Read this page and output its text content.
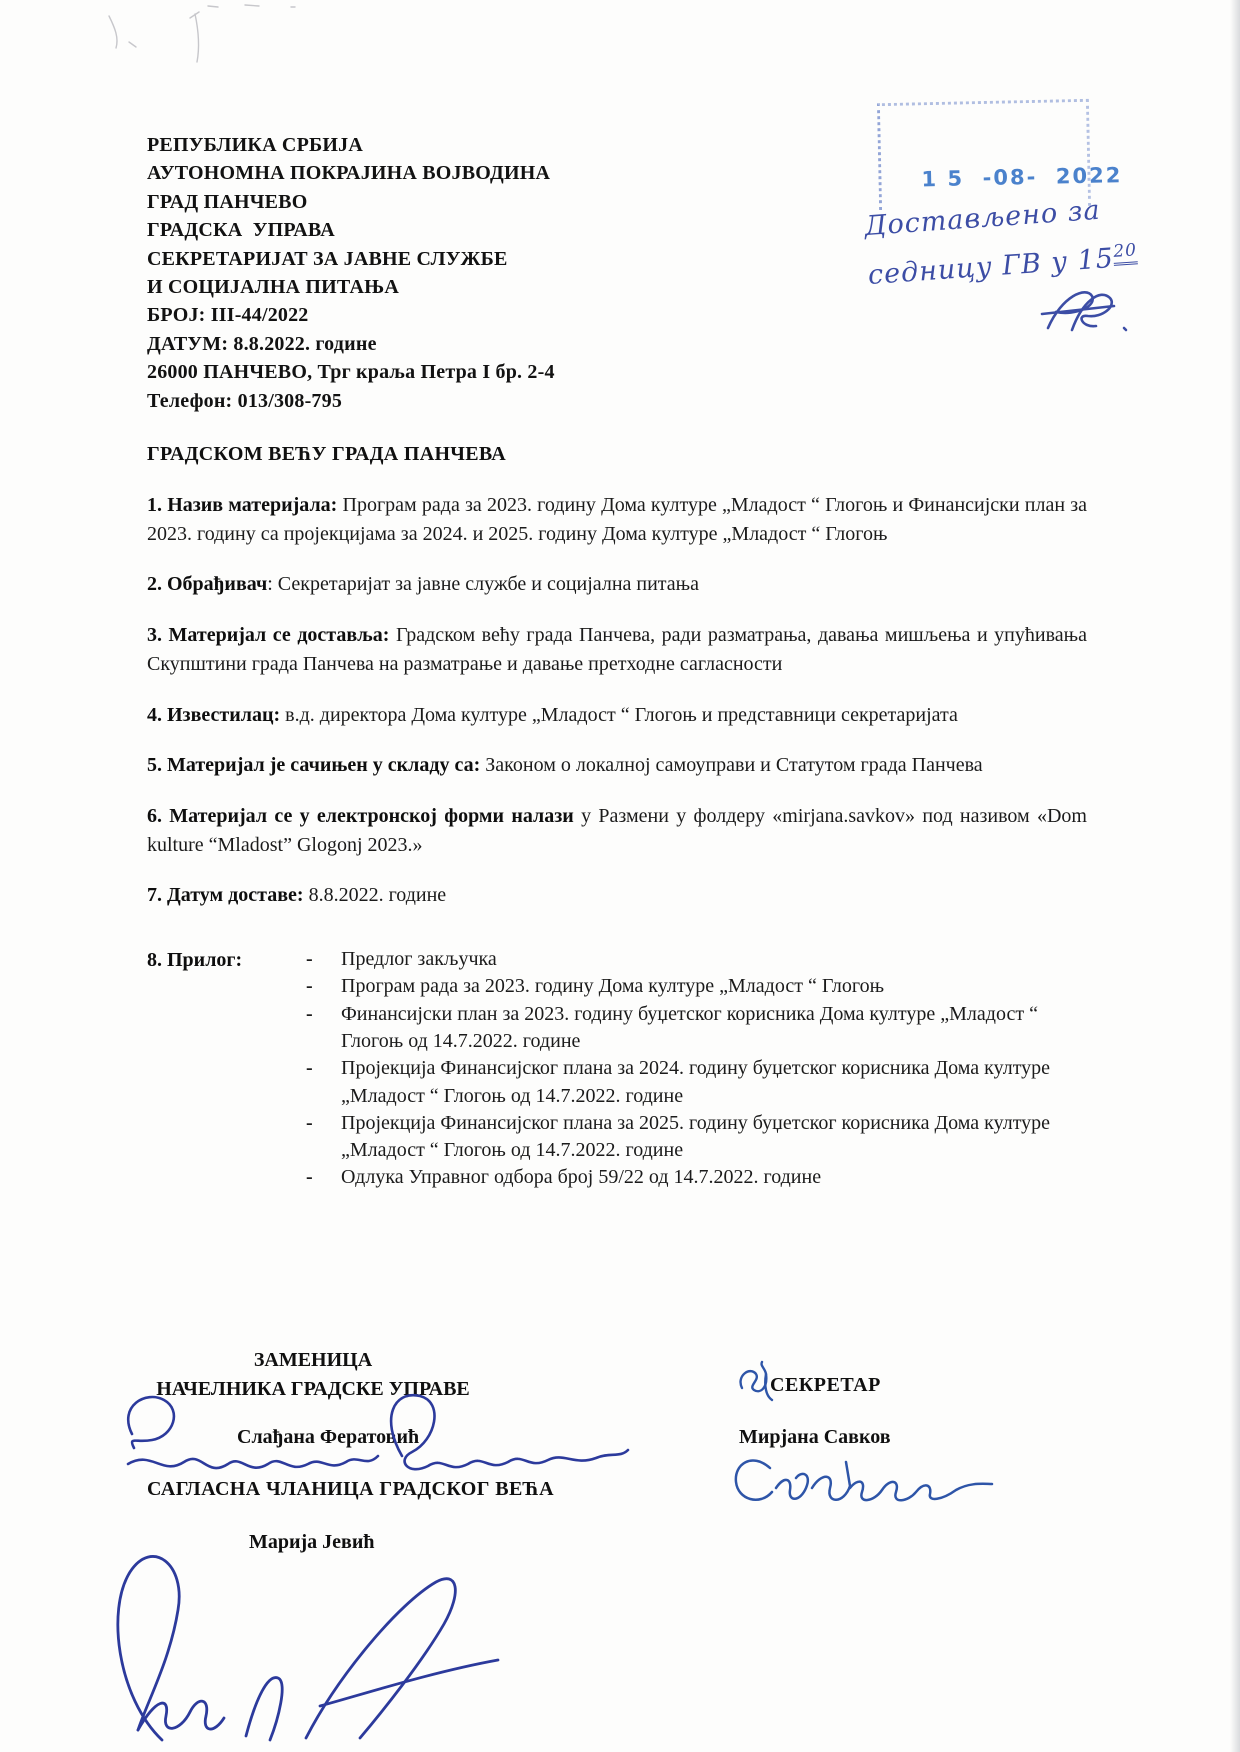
РЕПУБЛИКА СРБИЈА
АУТОНОМНА ПОКРАЈИНА ВОЈВОДИНА
ГРАД ПАНЧЕВО
ГРАДСКА  УПРАВА
СЕКРЕТАРИЈАТ ЗА ЈАВНЕ СЛУЖБЕ
И СОЦИЈАЛНА ПИТАЊА
БРОЈ: III-44/2022
ДАТУМ: 8.8.2022. године
26000 ПАНЧЕВО, Трг краља Петра I бр. 2-4
Телефон: 013/308-795
1 5  -08-  2022
Достављено за
седницу ГВ у $15^{20}$
ГРАДСКОМ ВЕЋУ ГРАДА ПАНЧЕВА

1. Назив материјала: Програм рада за 2023. годину Дома културе „Младост “ Глогоњ и Финансијски план за 2023. годину са пројекцијама за 2024. и 2025. годину Дома културе „Младост “ Глогоњ

2. Обрађивач: Секретаријат за јавне службе и социјална питања

3. Материјал се доставља: Градском већу града Панчева, ради разматрања, давања мишљења и упућивања Скупштини града Панчева на разматрање и давање претходне сагласности

4. Известилац: в.д. директора Дома културе „Младост “ Глогоњ и представници секретаријата

5. Материјал је сачињен у складу са: Законом о локалној самоуправи и Статутом града Панчева

6. Материјал се у електронској форми налази у Размени у фолдеру «mirjana.savkov» под називом «Dom kulture “Mladost” Glogonj 2023.»

7. Датум доставе: 8.8.2022. године

8. Прилог:	- Предлог закључка
- Програм рада за 2023. годину Дома културе „Младост “ Глогоњ
- Финансијски план за 2023. годину буџетског корисника Дома културе „Младост “ Глогоњ од 14.7.2022. године
- Пројекција Финансијског плана за 2024. годину буџетског корисника Дома културе „Младост “ Глогоњ од 14.7.2022. године
- Пројекција Финансијског плана за 2025. годину буџетског корисника Дома културе „Младост “ Глогоњ од 14.7.2022. године
- Одлука Управног одбора број 59/22 од 14.7.2022. године
ЗАМЕНИЦА
НАЧЕЛНИКА ГРАДСКЕ УПРАВЕ
Слађана Фератовић
САГЛАСНА ЧЛАНИЦА ГРАДСКОГ ВЕЋА
Марија Јевић
СЕКРЕТАР
Мирјана Савков
